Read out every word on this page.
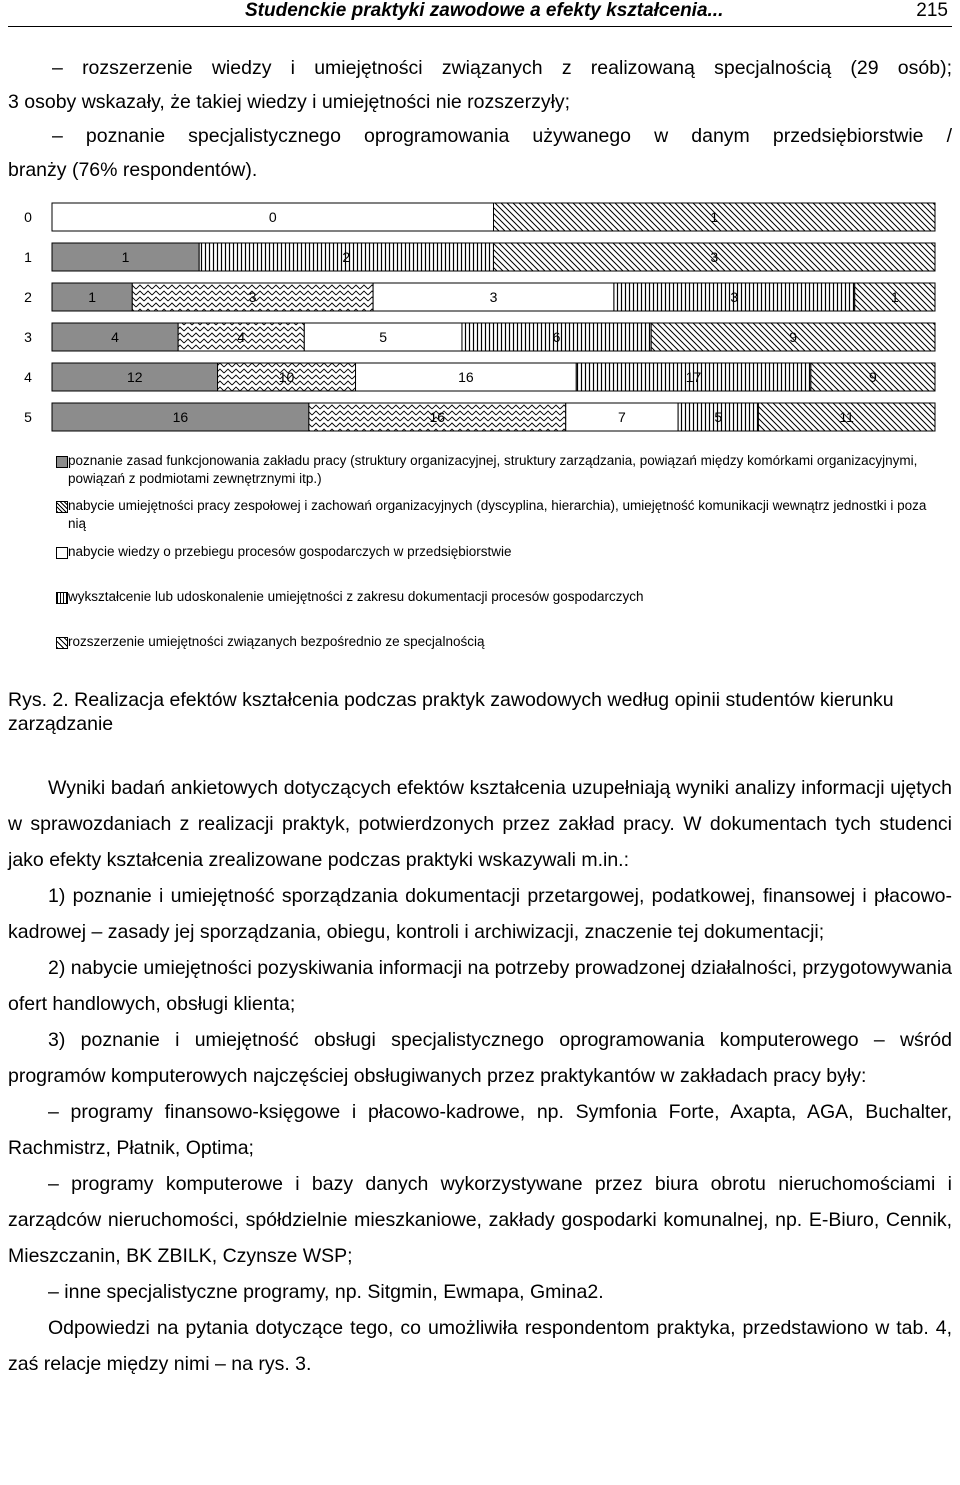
Studenckie praktyki zawodowe a efekty kształcenia...	215
– rozszerzenie wiedzy i umiejętności związanych z realizowaną specjalnością (29 osób);
3 osoby wskazały, że takiej wiedzy i umiejętności nie rozszerzyły;
– poznanie specjalistycznego oprogramowania używanego w danym przedsiębiorstwie /
branży (76% respondentów).
0	0	1
1	1	2	3
2	1	3	3	3	1
3	4	4	5	6	9
4	12	10	16	17	9
5	16	16	7	5	11
poznanie zasad funkcjonowania zakładu pracy (struktury organizacyjnej, struktury zarządzania, powiązań między komórkami organizacyjnymi, powiązań z podmiotami zewnętrznymi itp.)
nabycie umiejętności pracy zespołowej i zachowań organizacyjnych (dyscyplina, hierarchia), umiejętność komunikacji wewnątrz jednostki i poza nią
nabycie wiedzy o przebiegu procesów gospodarczych w przedsiębiorstwie
wykształcenie lub udoskonalenie umiejętności z zakresu dokumentacji procesów gospodarczych
rozszerzenie umiejętności związanych bezpośrednio ze specjalnością
Rys. 2. Realizacja efektów kształcenia podczas praktyk zawodowych według opinii studentów kierunku zarządzanie

Wyniki badań ankietowych dotyczących efektów kształcenia uzupełniają wyniki analizy informacji ujętych w sprawozdaniach z realizacji praktyk, potwierdzonych przez zakład pracy. W dokumentach tych studenci jako efekty kształcenia zrealizowane podczas praktyki wskazywali m.in.:

1) poznanie i umiejętność sporządzania dokumentacji przetargowej, podatkowej, finansowej i płacowo-kadrowej – zasady jej sporządzania, obiegu, kontroli i archiwizacji, znaczenie tej dokumentacji;

2) nabycie umiejętności pozyskiwania informacji na potrzeby prowadzonej działalności, przygotowywania ofert handlowych, obsługi klienta;

3) poznanie i umiejętność obsługi specjalistycznego oprogramowania komputerowego – wśród programów komputerowych najczęściej obsługiwanych przez praktykantów w zakładach pracy były:

– programy finansowo-księgowe i płacowo-kadrowe, np. Symfonia Forte, Axapta, AGA, Buchalter, Rachmistrz, Płatnik, Optima;

– programy komputerowe i bazy danych wykorzystywane przez biura obrotu nieruchomościami i zarządców nieruchomości, spółdzielnie mieszkaniowe, zakłady gospodarki komunalnej, np. E-Biuro, Cennik, Mieszczanin, BK ZBILK, Czynsze WSP;

– inne specjalistyczne programy, np. Sitgmin, Ewmapa, Gmina2.

Odpowiedzi na pytania dotyczące tego, co umożliwiła respondentom praktyka, przedstawiono w tab. 4, zaś relacje między nimi – na rys. 3.
